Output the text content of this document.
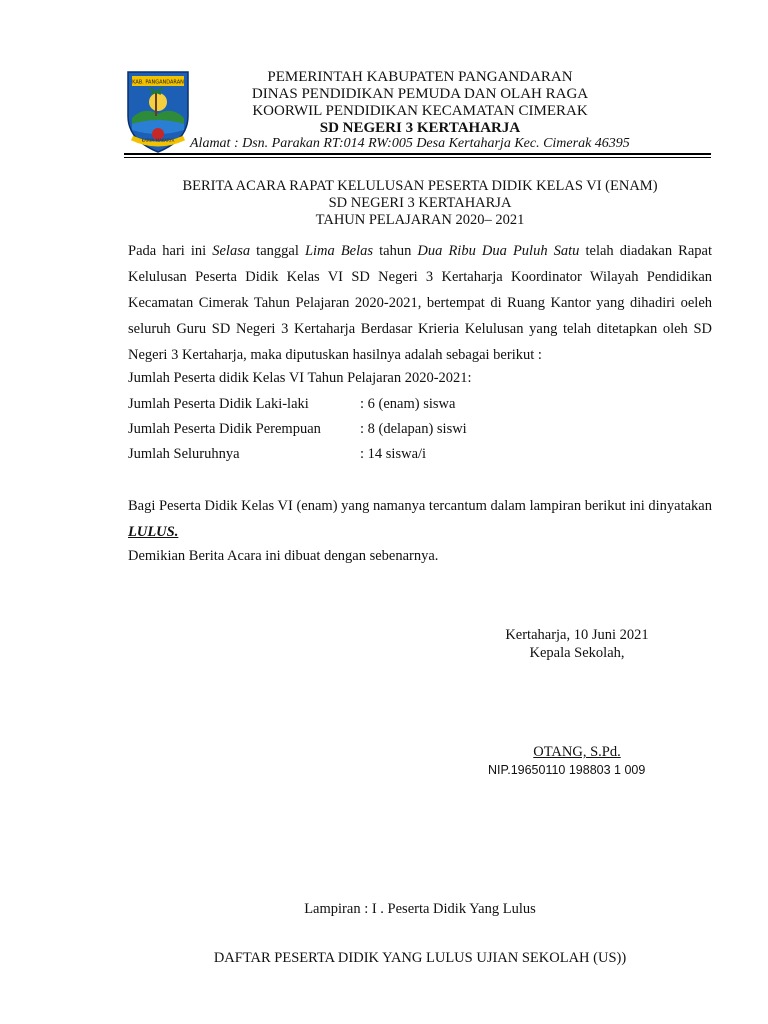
KAB. PANGANDARAN
KARYA MAKARYA
PEMERINTAH KABUPATEN PANGANDARAN
DINAS PENDIDIKAN PEMUDA DAN OLAH RAGA
KOORWIL PENDIDIKAN KECAMATAN CIMERAK
SD NEGERI 3 KERTAHARJA
Alamat : Dsn. Parakan RT:014 RW:005 Desa Kertaharja Kec. Cimerak 46395
BERITA ACARA RAPAT KELULUSAN PESERTA DIDIK KELAS VI (ENAM)
SD NEGERI 3 KERTAHARJA
TAHUN PELAJARAN 2020– 2021

Pada hari ini Selasa tanggal Lima Belas tahun Dua Ribu Dua Puluh Satu telah diadakan Rapat Kelulusan Peserta Didik Kelas VI SD Negeri 3 Kertaharja Koordinator Wilayah Pendidikan Kecamatan Cimerak Tahun Pelajaran 2020-2021, bertempat di Ruang Kantor yang dihadiri oeleh seluruh Guru SD Negeri 3 Kertaharja Berdasar Krieria Kelulusan yang telah ditetapkan oleh SD Negeri 3 Kertaharja, maka diputuskan hasilnya adalah sebagai berikut :

Jumlah Peserta didik Kelas VI Tahun Pelajaran 2020-2021:
Jumlah Peserta Didik Laki-laki	: 6 (enam) siswa
Jumlah Peserta Didik Perempuan	: 8 (delapan) siswi
Jumlah Seluruhnya	: 14 siswa/i

Bagi Peserta Didik Kelas VI (enam) yang namanya tercantum dalam lampiran berikut ini dinyatakan LULUS.

Demikian Berita Acara ini dibuat dengan sebenarnya.
Kertaharja, 10 Juni 2021
Kepala Sekolah,
OTANG, S.Pd.
NIP.19650110 198803 1 009
Lampiran : I . Peserta Didik Yang Lulus
DAFTAR PESERTA DIDIK YANG LULUS UJIAN SEKOLAH (US))
